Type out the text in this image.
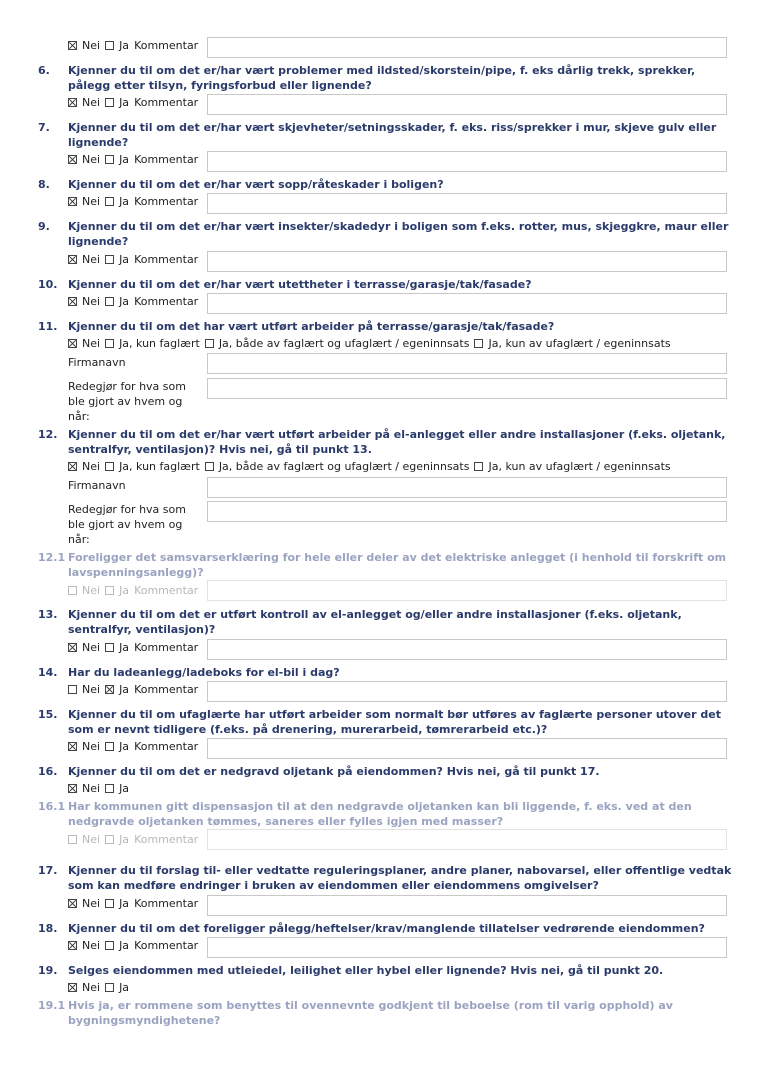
Nei Ja Kommentar
6.	Kjenner du til om det er/har vært problemer med ildsted/skorstein/pipe, f. eks dårlig trekk, sprekker, pålegg etter tilsyn, fyringsforbud eller lignende?
Nei Ja Kommentar
7.	Kjenner du til om det er/har vært skjevheter/setningsskader, f. eks. riss/sprekker i mur, skjeve gulv eller lignende?
Nei Ja Kommentar
8.	Kjenner du til om det er/har vært sopp/råteskader i boligen?
Nei Ja Kommentar
9.	Kjenner du til om det er/har vært insekter/skadedyr i boligen som f.eks. rotter, mus, skjeggkre, maur eller lignende?
Nei Ja Kommentar
10. Kjenner du til om det er/har vært utettheter i terrasse/garasje/tak/fasade?
Nei Ja Kommentar
11. Kjenner du til om det har vært utført arbeider på terrasse/garasje/tak/fasade?
Nei Ja, kun faglært Ja, både av faglært og ufaglært / egeninnsats Ja, kun av ufaglært / egeninnsats
Firmanavn
Redegjør for hva som ble gjort av hvem og når:
12. Kjenner du til om det er/har vært utført arbeider på el-anlegget eller andre installasjoner (f.eks. oljetank, sentralfyr, ventilasjon)? Hvis nei, gå til punkt 13.
Nei Ja, kun faglært Ja, både av faglært og ufaglært / egeninnsats Ja, kun av ufaglært / egeninnsats
Firmanavn
Redegjør for hva som ble gjort av hvem og når:
12.1 Foreligger det samsvarserklæring for hele eller deler av det elektriske anlegget (i henhold til forskrift om lavspenningsanlegg)?
Nei Ja Kommentar
13. Kjenner du til om det er utført kontroll av el-anlegget og/eller andre installasjoner (f.eks. oljetank, sentralfyr, ventilasjon)?
Nei Ja Kommentar
14. Har du ladeanlegg/ladeboks for el-bil i dag?
Nei Ja Kommentar
15. Kjenner du til om ufaglærte har utført arbeider som normalt bør utføres av faglærte personer utover det som er nevnt tidligere (f.eks. på drenering, murerarbeid, tømrerarbeid etc.)?
Nei Ja Kommentar
16. Kjenner du til om det er nedgravd oljetank på eiendommen? Hvis nei, gå til punkt 17.
Nei Ja
16.1 Har kommunen gitt dispensasjon til at den nedgravde oljetanken kan bli liggende, f. eks. ved at den nedgravde oljetanken tømmes, saneres eller fylles igjen med masser?
Nei Ja Kommentar
17. Kjenner du til forslag til- eller vedtatte reguleringsplaner, andre planer, nabovarsel, eller offentlige vedtak som kan medføre endringer i bruken av eiendommen eller eiendommens omgivelser?
Nei Ja Kommentar
18. Kjenner du til om det foreligger pålegg/heftelser/krav/manglende tillatelser vedrørende eiendommen?
Nei Ja Kommentar
19. Selges eiendommen med utleiedel, leilighet eller hybel eller lignende? Hvis nei, gå til punkt 20.
Nei Ja
19.1 Hvis ja, er rommene som benyttes til ovennevnte godkjent til beboelse (rom til varig opphold) av bygningsmyndighetene?
